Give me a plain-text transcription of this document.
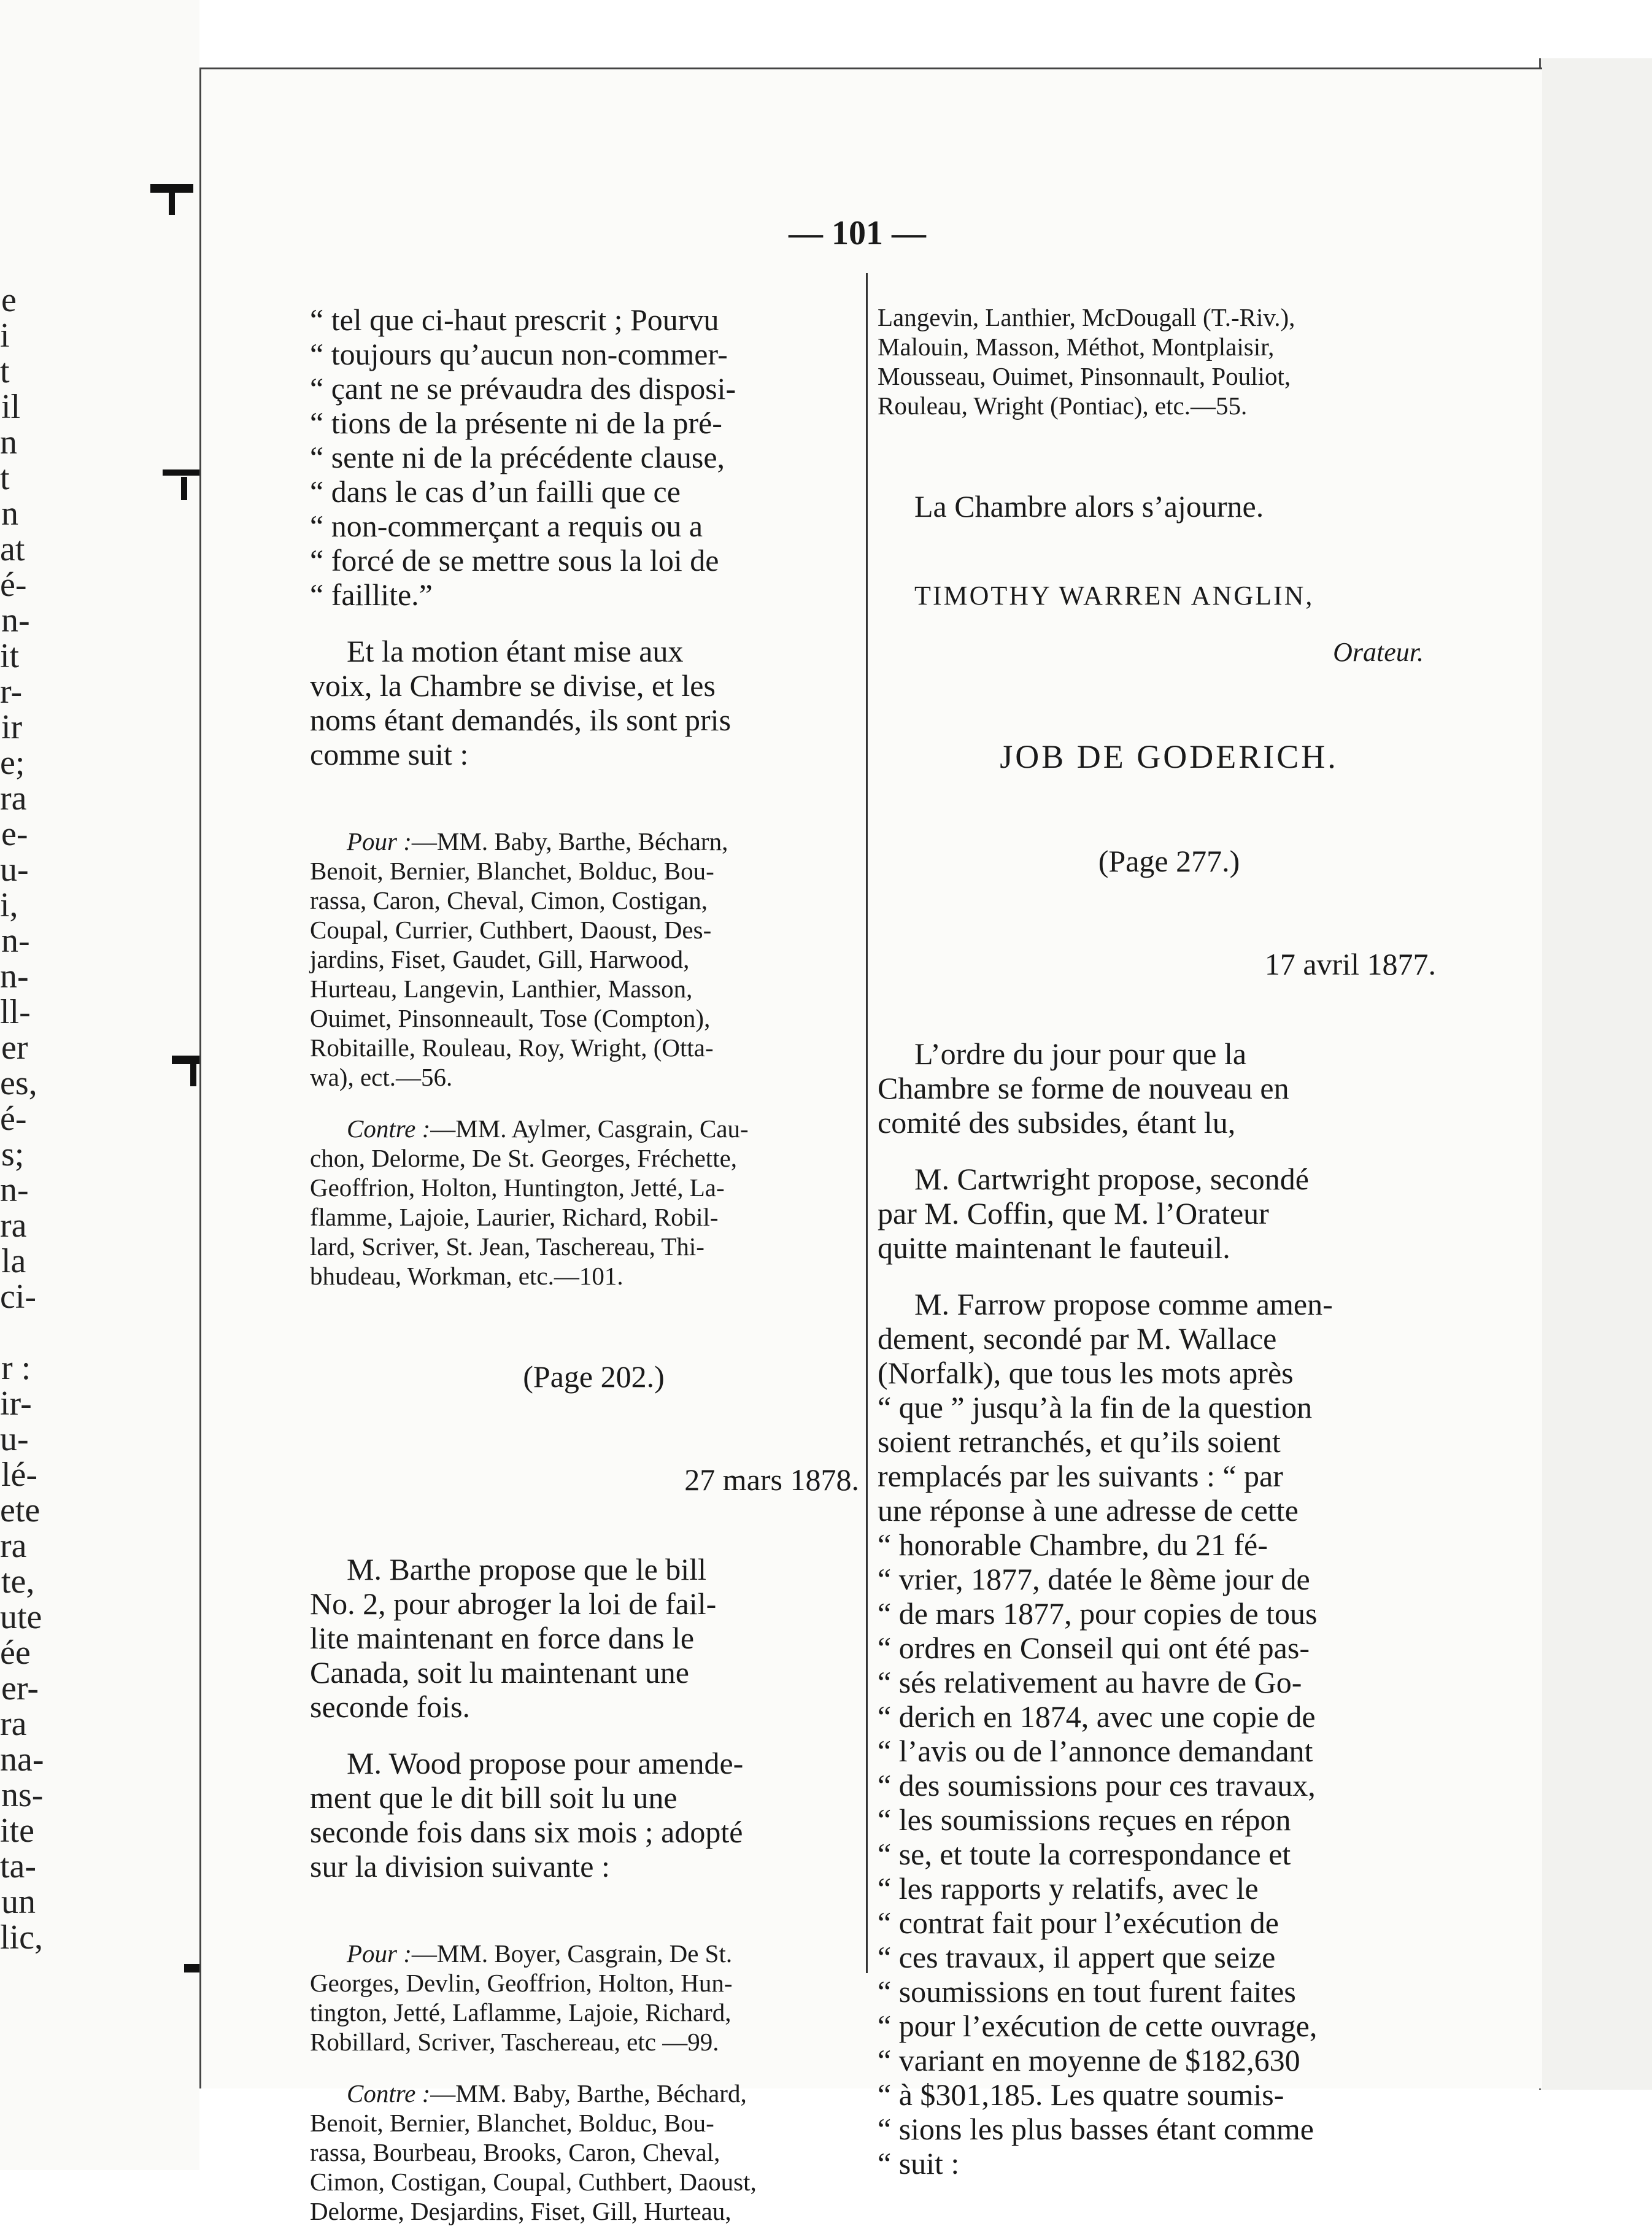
e
i
t
il
n
t
n
at
é-
n-
it
r-
ir
e;
ra
e-
u-
i,
n-
n-
ll-
er
es,
é-
s;
n-
ra
la
ci-
r :
ir-
u-
lé-
ete
ra
te,
ute
ée
er-
ra
na-
ns-
ite
ta-
un
lic,
— 101 —

“ tel que ci-haut prescrit ; Pourvu
“ toujours qu’aucun non-commer-
“ çant ne se prévaudra des disposi-
“ tions de la présente ni de la pré-
“ sente ni de la précédente clause,
“ dans le cas d’un failli que ce
“ non-commerçant a requis ou a
“ forcé de se mettre sous la loi de
“ faillite.”

Et la motion étant mise aux
voix, la Chambre se divise, et les
noms étant demandés, ils sont pris
comme suit :

Pour :—MM. Baby, Barthe, Bécharn,
Benoit, Bernier, Blanchet, Bolduc, Bou-
rassa, Caron, Cheval, Cimon, Costigan,
Coupal, Currier, Cuthbert, Daoust, Des-
jardins, Fiset, Gaudet, Gill, Harwood,
Hurteau, Langevin, Lanthier, Masson,
Ouimet, Pinsonneault, Tose (Compton),
Robitaille, Rouleau, Roy, Wright, (Otta-
wa), ect.—56.

Contre :—MM. Aylmer, Casgrain, Cau-
chon, Delorme, De St. Georges, Fréchette,
Geoffrion, Holton, Huntington, Jetté, La-
flamme, Lajoie, Laurier, Richard, Robil-
lard, Scriver, St. Jean, Taschereau, Thi-
bhudeau, Workman, etc.—101.

(Page 202.)

27 mars 1878.

M. Barthe propose que le bill
No. 2, pour abroger la loi de fail-
lite maintenant en force dans le
Canada, soit lu maintenant une
seconde fois.

M. Wood propose pour amende-
ment que le dit bill soit lu une
seconde fois dans six mois ; adopté
sur la division suivante :

Pour :—MM. Boyer, Casgrain, De St.
Georges, Devlin, Geoffrion, Holton, Hun-
tington, Jetté, Laflamme, Lajoie, Richard,
Robillard, Scriver, Taschereau, etc —99.

Contre :—MM. Baby, Barthe, Béchard,
Benoit, Bernier, Blanchet, Bolduc, Bou-
rassa, Bourbeau, Brooks, Caron, Cheval,
Cimon, Costigan, Coupal, Cuthbert, Daoust,
Delorme, Desjardins, Fiset, Gill, Hurteau,

Langevin, Lanthier, McDougall (T.-Riv.),
Malouin, Masson, Méthot, Montplaisir,
Mousseau, Ouimet, Pinsonnault, Pouliot,
Rouleau, Wright (Pontiac), etc.—55.

La Chambre alors s’ajourne.

TIMOTHY WARREN ANGLIN,

Orateur.

JOB DE GODERICH.

(Page 277.)

17 avril 1877.

L’ordre du jour pour que la
Chambre se forme de nouveau en
comité des subsides, étant lu,

M. Cartwright propose, secondé
par M. Coffin, que M. l’Orateur
quitte maintenant le fauteuil.

M. Farrow propose comme amen-
dement, secondé par M. Wallace
(Norfalk), que tous les mots après
“ que ” jusqu’à la fin de la question
soient retranchés, et qu’ils soient
remplacés par les suivants : “ par
une réponse à une adresse de cette
“ honorable Chambre, du 21 fé-
“ vrier, 1877, datée le 8ème jour de
“ de mars 1877, pour copies de tous
“ ordres en Conseil qui ont été pas-
“ sés relativement au havre de Go-
“ derich en 1874, avec une copie de
“ l’avis ou de l’annonce demandant
“ des soumissions pour ces travaux,
“ les soumissions reçues en répon
“ se, et toute la correspondance et
“ les rapports y relatifs, avec le
“ contrat fait pour l’exécution de
“ ces travaux, il appert que seize
“ soumissions en tout furent faites
“ pour l’exécution de cette ouvrage,
“ variant en moyenne de $182,630
“ à $301,185. Les quatre soumis-
“ sions les plus basses étant comme
“ suit :
